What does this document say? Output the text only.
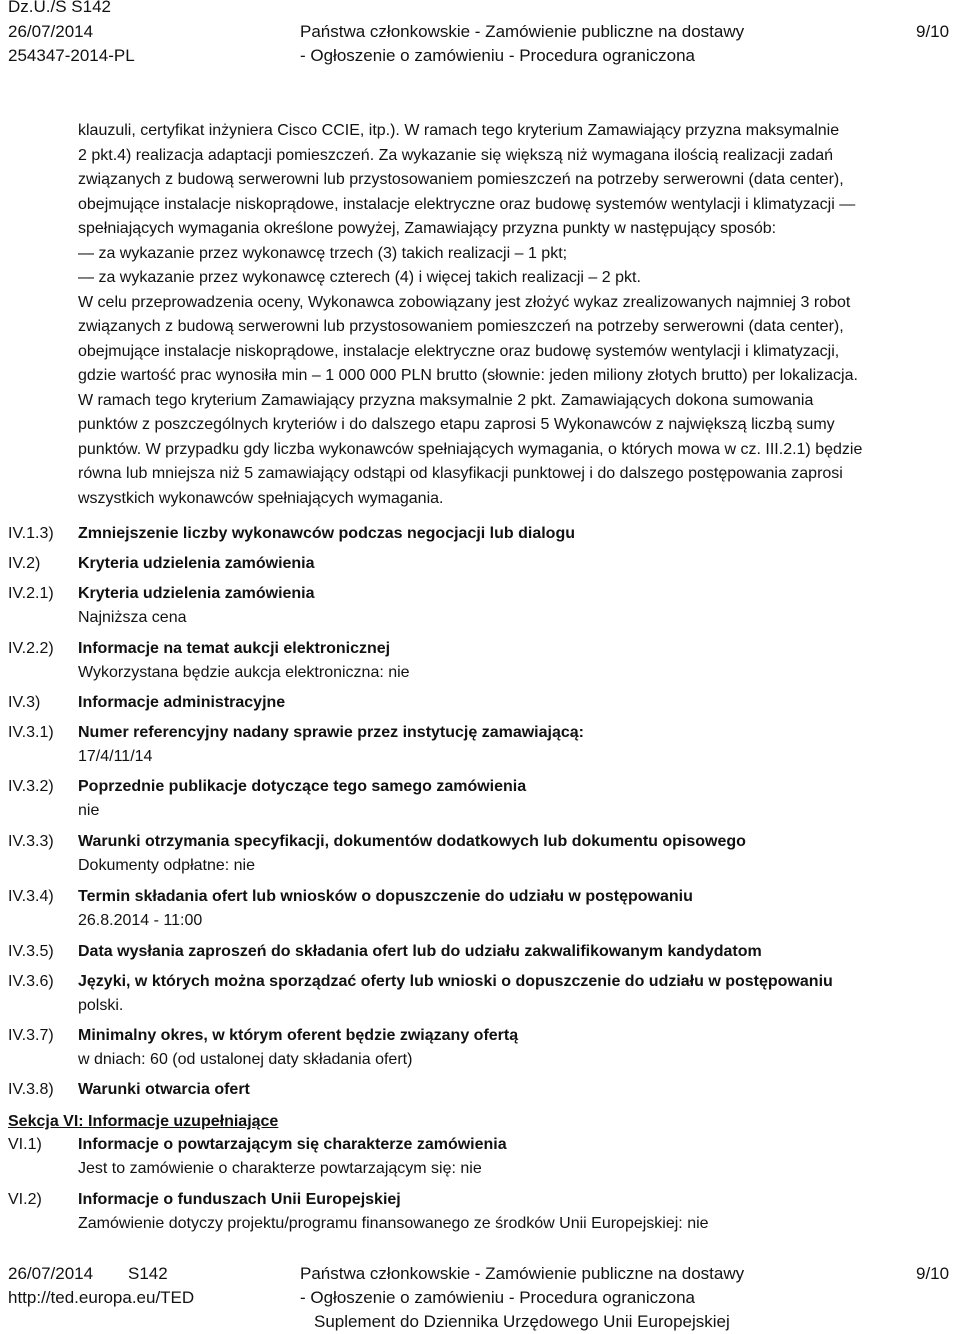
Dz.U./S S142
26/07/2014
254347-2014-PL
Państwa członkowskie - Zamówienie publiczne na dostawy
- Ogłoszenie o zamówieniu - Procedura ograniczona
9/10

klauzuli, certyfikat inżyniera Cisco CCIE, itp.). W ramach tego kryterium Zamawiający przyzna maksymalnie

2 pkt.4) realizacja adaptacji pomieszczeń. Za wykazanie się większą niż wymagana ilością realizacji zadań

związanych z budową serwerowni lub przystosowaniem pomieszczeń na potrzeby serwerowni (data center),

obejmujące instalacje niskoprądowe, instalacje elektryczne oraz budowę systemów wentylacji i klimatyzacji —

spełniających wymagania określone powyżej, Zamawiający przyzna punkty w następujący sposób:

— za wykazanie przez wykonawcę trzech (3) takich realizacji – 1 pkt;

— za wykazanie przez wykonawcę czterech (4) i więcej takich realizacji – 2 pkt.

W celu przeprowadzenia oceny, Wykonawca zobowiązany jest złożyć wykaz zrealizowanych najmniej 3 robot

związanych z budową serwerowni lub przystosowaniem pomieszczeń na potrzeby serwerowni (data center),

obejmujące instalacje niskoprądowe, instalacje elektryczne oraz budowę systemów wentylacji i klimatyzacji,

gdzie wartość prac wynosiła min – 1 000 000 PLN brutto (słownie: jeden miliony złotych brutto) per lokalizacja.

W ramach tego kryterium Zamawiający przyzna maksymalnie 2 pkt. Zamawiających dokona sumowania

punktów z poszczególnych kryteriów i do dalszego etapu zaprosi 5 Wykonawców z największą liczbą sumy

punktów. W przypadku gdy liczba wykonawców spełniających wymagania, o których mowa w cz. III.2.1) będzie

równa lub mniejsza niż 5 zamawiający odstąpi od klasyfikacji punktowej i do dalszego postępowania zaprosi

wszystkich wykonawców spełniających wymagania.

IV.1.3)
IV.2)
IV.2.1)
IV.2.2)
IV.3)
IV.3.1)
IV.3.2)
IV.3.3)
IV.3.4)
IV.3.5)
IV.3.6)
IV.3.7)
IV.3.8)
Zmniejszenie liczby wykonawców podczas negocjacji lub dialogu
Kryteria udzielenia zamówienia
Kryteria udzielenia zamówienia
Najniższa cena
Informacje na temat aukcji elektronicznej
Wykorzystana będzie aukcja elektroniczna: nie
Informacje administracyjne
Numer referencyjny nadany sprawie przez instytucję zamawiającą:
17/4/11/14
Poprzednie publikacje dotyczące tego samego zamówienia
nie
Warunki otrzymania specyfikacji, dokumentów dodatkowych lub dokumentu opisowego
Dokumenty odpłatne: nie
Termin składania ofert lub wniosków o dopuszczenie do udziału w postępowaniu
26.8.2014 - 11:00
Data wysłania zaproszeń do składania ofert lub do udziału zakwalifikowanym kandydatom
Języki, w których można sporządzać oferty lub wnioski o dopuszczenie do udziału w postępowaniu
polski.
Minimalny okres, w którym oferent będzie związany ofertą
w dniach: 60 (od ustalonej daty składania ofert)
Warunki otwarcia ofert
Sekcja VI: Informacje uzupełniające
VI.1) Informacje o powtarzającym się charakterze zamówienia
Jest to zamówienie o charakterze powtarzającym się: nie
VI.2) Informacje o funduszach Unii Europejskiej
Zamówienie dotyczy projektu/programu finansowanego ze środków Unii Europejskiej: nie
26/07/2014 S142
http://ted.europa.eu/TED
Państwa członkowskie - Zamówienie publiczne na dostawy
- Ogłoszenie o zamówieniu - Procedura ograniczona
Suplement do Dziennika Urzędowego Unii Europejskiej
9/10
